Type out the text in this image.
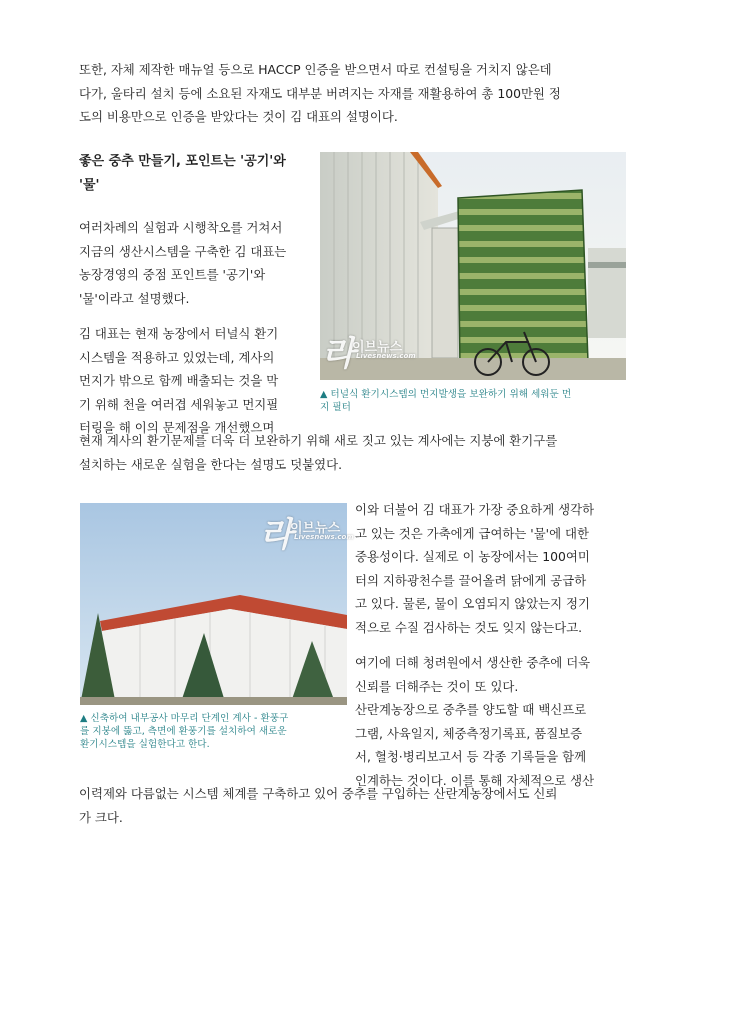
또한, 자체 제작한 매뉴얼 등으로 HACCP 인증을 받으면서 따로 컨설팅을 거치지 않은데
다가, 울타리 설치 등에 소요된 자재도 대부분 버려지는 자재를 재활용하여 총 100만원 정
도의 비용만으로 인증을 받았다는 것이 김 대표의 설명이다.
좋은 중추 만들기, 포인트는 '공기'와
'물'
여러차례의 실험과 시행착오를 거쳐서
지금의 생산시스템을 구축한 김 대표는
농장경영의 중점 포인트를 '공기'와
'물'이라고 설명했다.
김 대표는 현재 농장에서 터널식 환기
시스템을 적용하고 있었는데, 계사의
먼지가 밖으로 함께 배출되는 것을 막
기 위해 천을 여러겹 세워놓고 먼지필
터링을 해 이의 문제점을 개선했으며
현재 계사의 환기문제를 더욱 더 보완하기 위해 새로 짓고 있는 계사에는 지붕에 환기구를
설치하는 새로운 실험을 한다는 설명도 덧붙였다.
라
이브뉴스
Livesnews.com
▲ 터널식 환기시스템의 먼지발생을 보완하기 위해 세워둔 먼
지 필터
라
이브뉴스
Livesnews.com
▲ 신축하여 내부공사 마무리 단계인 계사 - 환풍구
를 지붕에 뚫고, 측면에 환풍기를 설치하여 새로운
환기시스템을 실험한다고 한다.
이와 더불어 김 대표가 가장 중요하게 생각하
고 있는 것은 가축에게 급여하는 '물'에 대한
중용성이다. 실제로 이 농장에서는 100여미
터의 지하광천수를 끌어올려 닭에게 공급하
고 있다. 물론, 물이 오염되지 않았는지 정기
적으로 수질 검사하는 것도 잊지 않는다고.
여기에 더해 청려원에서 생산한 중추에 더욱
신뢰를 더해주는 것이 또 있다.
산란계농장으로 중추를 양도할 때 백신프로
그램, 사육일지, 체중측정기록표, 품질보증
서, 혈청·병리보고서 등 각종 기록들을 함께
인계하는 것이다. 이를 통해 자체적으로 생산
이력제와 다름없는 시스템 체계를 구축하고 있어 중추를 구입하는 산란계농장에서도 신뢰
가 크다.
